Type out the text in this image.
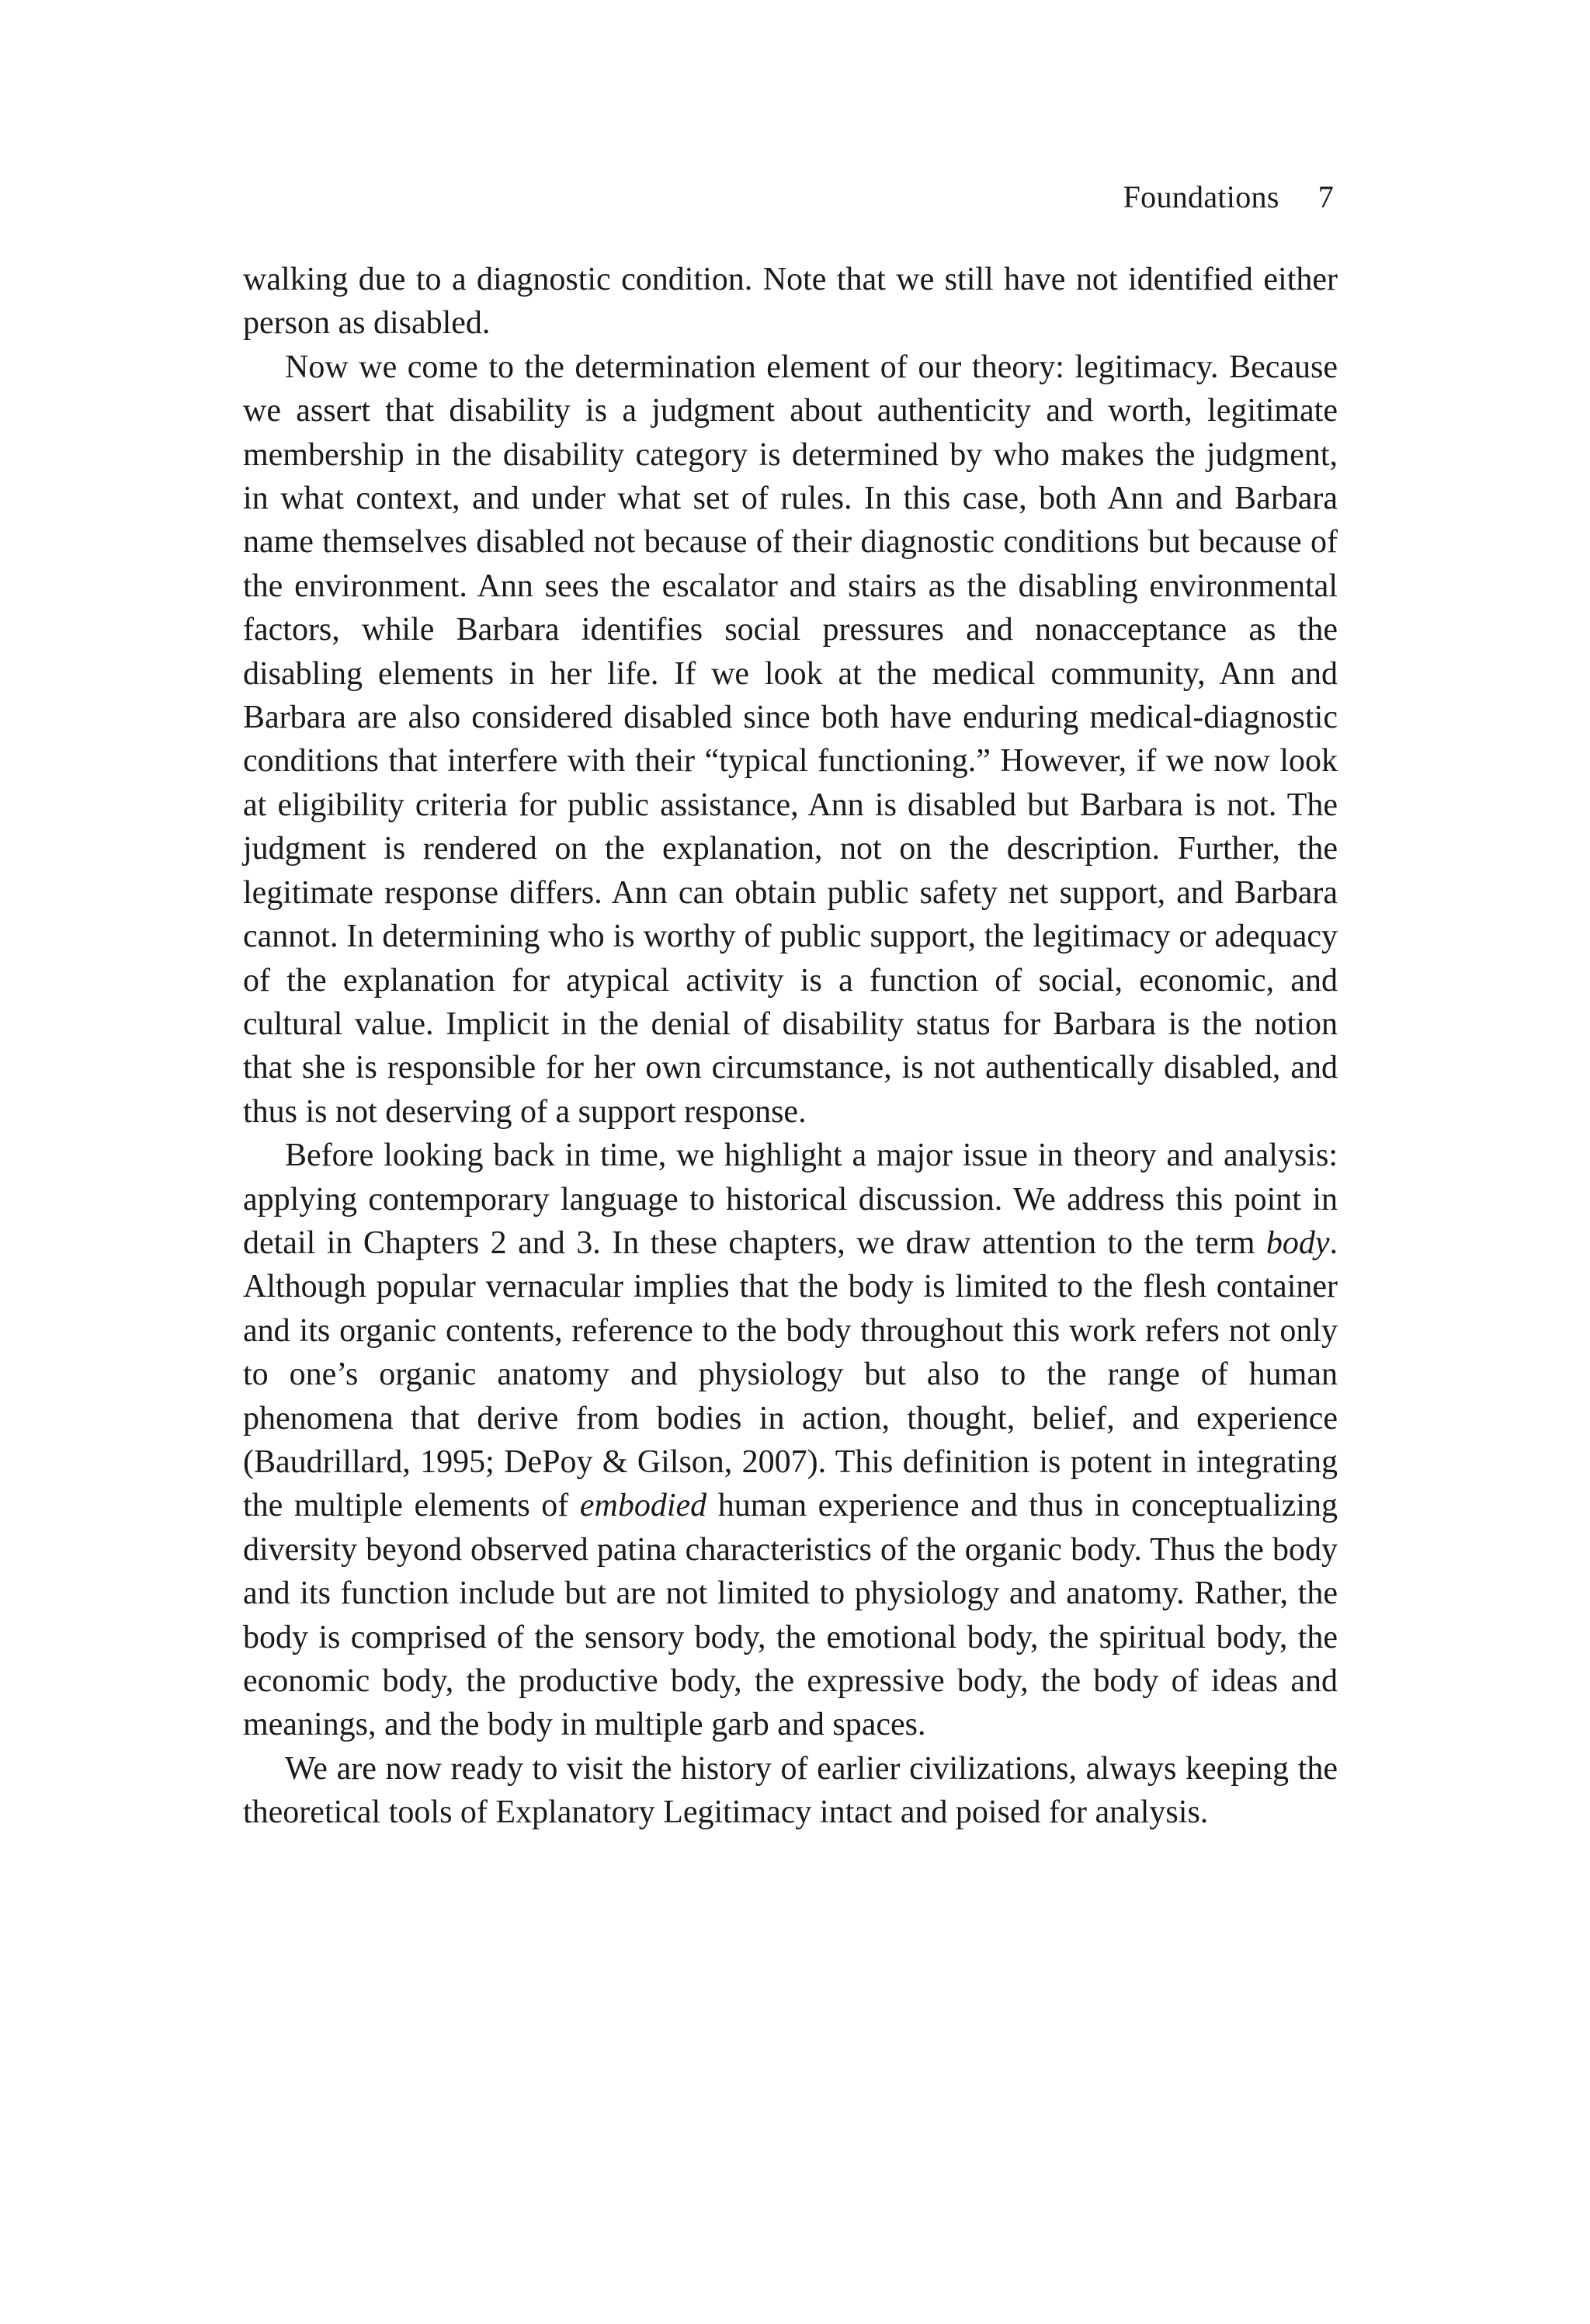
Foundations 7

walking due to a diagnostic condition. Note that we still have not identified either person as disabled.

Now we come to the determination element of our theory: legitimacy. Because we assert that disability is a judgment about authenticity and worth, legitimate membership in the disability category is determined by who makes the judgment, in what context, and under what set of rules. In this case, both Ann and Barbara name themselves disabled not because of their diagnostic conditions but because of the environment. Ann sees the escalator and stairs as the disabling environmental factors, while Barbara identifies social pressures and nonacceptance as the disabling elements in her life. If we look at the medical community, Ann and Barbara are also considered disabled since both have enduring medical-diagnostic conditions that interfere with their “typical functioning.” However, if we now look at eligibility criteria for public assistance, Ann is disabled but Barbara is not. The judgment is rendered on the explanation, not on the description. Further, the legitimate response differs. Ann can obtain public safety net support, and Barbara cannot. In determining who is worthy of public support, the legitimacy or adequacy of the explanation for atypical activity is a function of social, economic, and cultural value. Implicit in the denial of disability status for Barbara is the notion that she is responsible for her own circumstance, is not authentically disabled, and thus is not deserving of a support response.

Before looking back in time, we highlight a major issue in theory and analysis: applying contemporary language to historical discussion. We address this point in detail in Chapters 2 and 3. In these chapters, we draw attention to the term body. Although popular vernacular implies that the body is limited to the flesh container and its organic contents, reference to the body throughout this work refers not only to one’s organic anatomy and physiology but also to the range of human phenomena that derive from bodies in action, thought, belief, and experience (Baudrillard, 1995; DePoy & Gilson, 2007). This definition is potent in integrating the multiple elements of embodied human experience and thus in conceptualizing diversity beyond observed patina characteristics of the organic body. Thus the body and its function include but are not limited to physiology and anatomy. Rather, the body is comprised of the sensory body, the emotional body, the spiritual body, the economic body, the productive body, the expressive body, the body of ideas and meanings, and the body in multiple garb and spaces.

We are now ready to visit the history of earlier civilizations, always keeping the theoretical tools of Explanatory Legitimacy intact and poised for analysis.
